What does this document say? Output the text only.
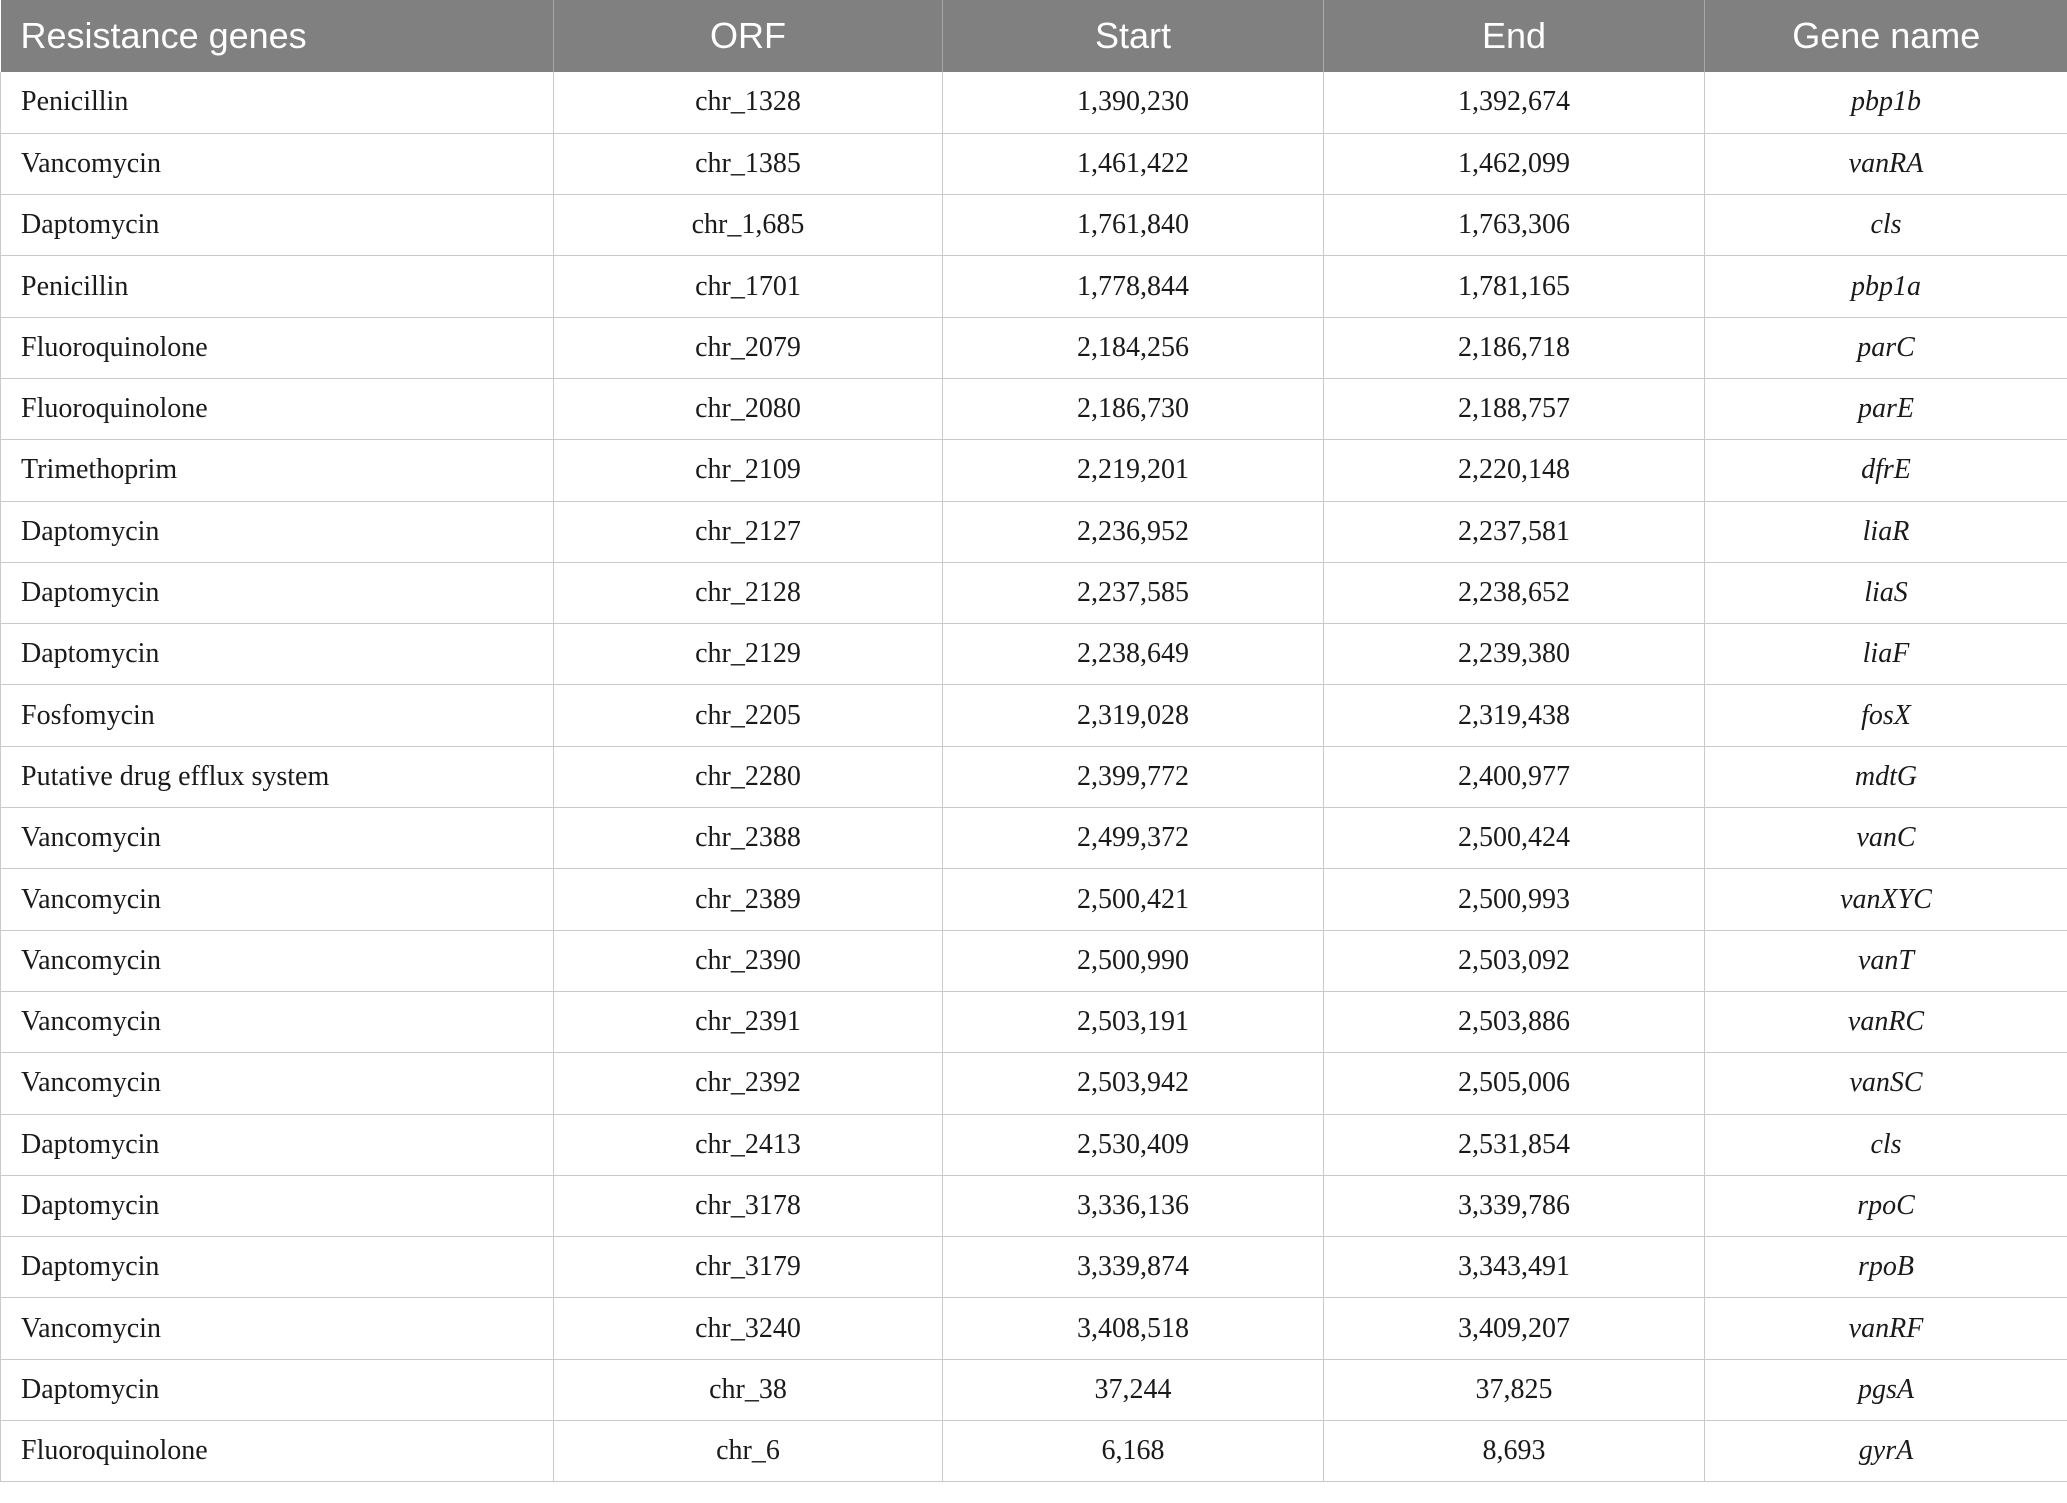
Resistance genes	ORF	Start	End	Gene name
Penicillin	chr_1328	1,390,230	1,392,674	pbp1b
Vancomycin	chr_1385	1,461,422	1,462,099	vanRA
Daptomycin	chr_1,685	1,761,840	1,763,306	cls
Penicillin	chr_1701	1,778,844	1,781,165	pbp1a
Fluoroquinolone	chr_2079	2,184,256	2,186,718	parC
Fluoroquinolone	chr_2080	2,186,730	2,188,757	parE
Trimethoprim	chr_2109	2,219,201	2,220,148	dfrE
Daptomycin	chr_2127	2,236,952	2,237,581	liaR
Daptomycin	chr_2128	2,237,585	2,238,652	liaS
Daptomycin	chr_2129	2,238,649	2,239,380	liaF
Fosfomycin	chr_2205	2,319,028	2,319,438	fosX
Putative drug efflux system	chr_2280	2,399,772	2,400,977	mdtG
Vancomycin	chr_2388	2,499,372	2,500,424	vanC
Vancomycin	chr_2389	2,500,421	2,500,993	vanXYC
Vancomycin	chr_2390	2,500,990	2,503,092	vanT
Vancomycin	chr_2391	2,503,191	2,503,886	vanRC
Vancomycin	chr_2392	2,503,942	2,505,006	vanSC
Daptomycin	chr_2413	2,530,409	2,531,854	cls
Daptomycin	chr_3178	3,336,136	3,339,786	rpoC
Daptomycin	chr_3179	3,339,874	3,343,491	rpoB
Vancomycin	chr_3240	3,408,518	3,409,207	vanRF
Daptomycin	chr_38	37,244	37,825	pgsA
Fluoroquinolone	chr_6	6,168	8,693	gyrA
